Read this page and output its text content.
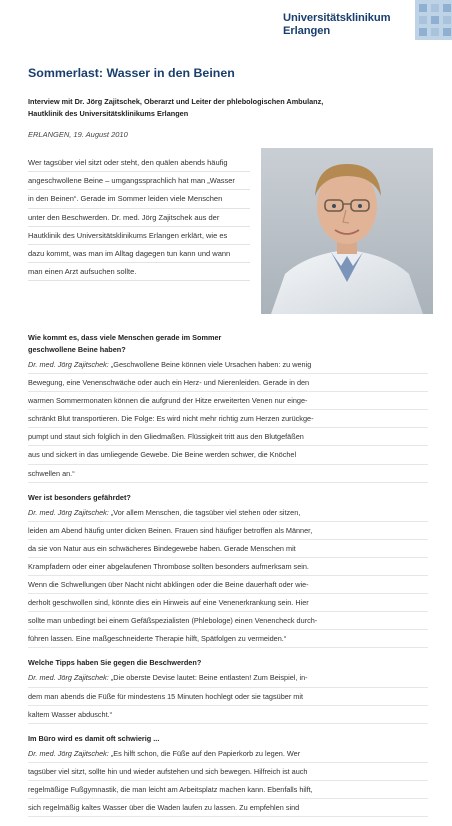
Universitätsklinikum
Erlangen
Sommerlast: Wasser in den Beinen

Interview mit Dr. Jörg Zajitschek, Oberarzt und Leiter der phlebologischen Ambulanz,
Hautklinik des Universitätsklinikums Erlangen

ERLANGEN, 19. August 2010

Wer tagsüber viel sitzt oder steht, den quälen abends häufig
angeschwollene Beine – umgangssprachlich hat man „Wasser
in den Beinen“. Gerade im Sommer leiden viele Menschen
unter den Beschwerden. Dr. med. Jörg Zajitschek aus der
Hautklinik des Universitätsklinikums Erlangen erklärt, wie es
dazu kommt, was man im Alltag dagegen tun kann und wann
man einen Arzt aufsuchen sollte.

Wie kommt es, dass viele Menschen gerade im Sommer
geschwollene Beine haben?

Dr. med. Jörg Zajitschek: „Geschwollene Beine können viele Ursachen haben: zu wenig
Bewegung, eine Venenschwäche oder auch ein Herz- und Nierenleiden. Gerade in den
warmen Sommermonaten können die aufgrund der Hitze erweiterten Venen nur einge-
schränkt Blut transportieren. Die Folge: Es wird nicht mehr richtig zum Herzen zurückge-
pumpt und staut sich folglich in den Gliedmaßen. Flüssigkeit tritt aus den Blutgefäßen
aus und sickert in das umliegende Gewebe. Die Beine werden schwer, die Knöchel
schwellen an.“

Wer ist besonders gefährdet?

Dr. med. Jörg Zajitschek: „Vor allem Menschen, die tagsüber viel stehen oder sitzen,
leiden am Abend häufig unter dicken Beinen. Frauen sind häufiger betroffen als Männer,
da sie von Natur aus ein schwächeres Bindegewebe haben. Gerade Menschen mit
Krampfadern oder einer abgelaufenen Thrombose sollten besonders aufmerksam sein.
Wenn die Schwellungen über Nacht nicht abklingen oder die Beine dauerhaft oder wie-
derholt geschwollen sind, könnte dies ein Hinweis auf eine Venenerkrankung sein. Hier
sollte man unbedingt bei einem Gefäßspezialisten (Phlebologe) einen Venencheck durch-
führen lassen. Eine maßgeschneiderte Therapie hilft, Spätfolgen zu vermeiden.“

Welche Tipps haben Sie gegen die Beschwerden?

Dr. med. Jörg Zajitschek: „Die oberste Devise lautet: Beine entlasten! Zum Beispiel, in-
dem man abends die Füße für mindestens 15 Minuten hochlegt oder sie tagsüber mit
kaltem Wasser abduscht.“

Im Büro wird es damit oft schwierig ...

Dr. med. Jörg Zajitschek: „Es hilft schon, die Füße auf den Papierkorb zu legen. Wer
tagsüber viel sitzt, sollte hin und wieder aufstehen und sich bewegen. Hilfreich ist auch
regelmäßige Fußgymnastik, die man leicht am Arbeitsplatz machen kann. Ebenfalls hilft,
sich regelmäßig kaltes Wasser über die Waden laufen zu lassen. Zu empfehlen sind
